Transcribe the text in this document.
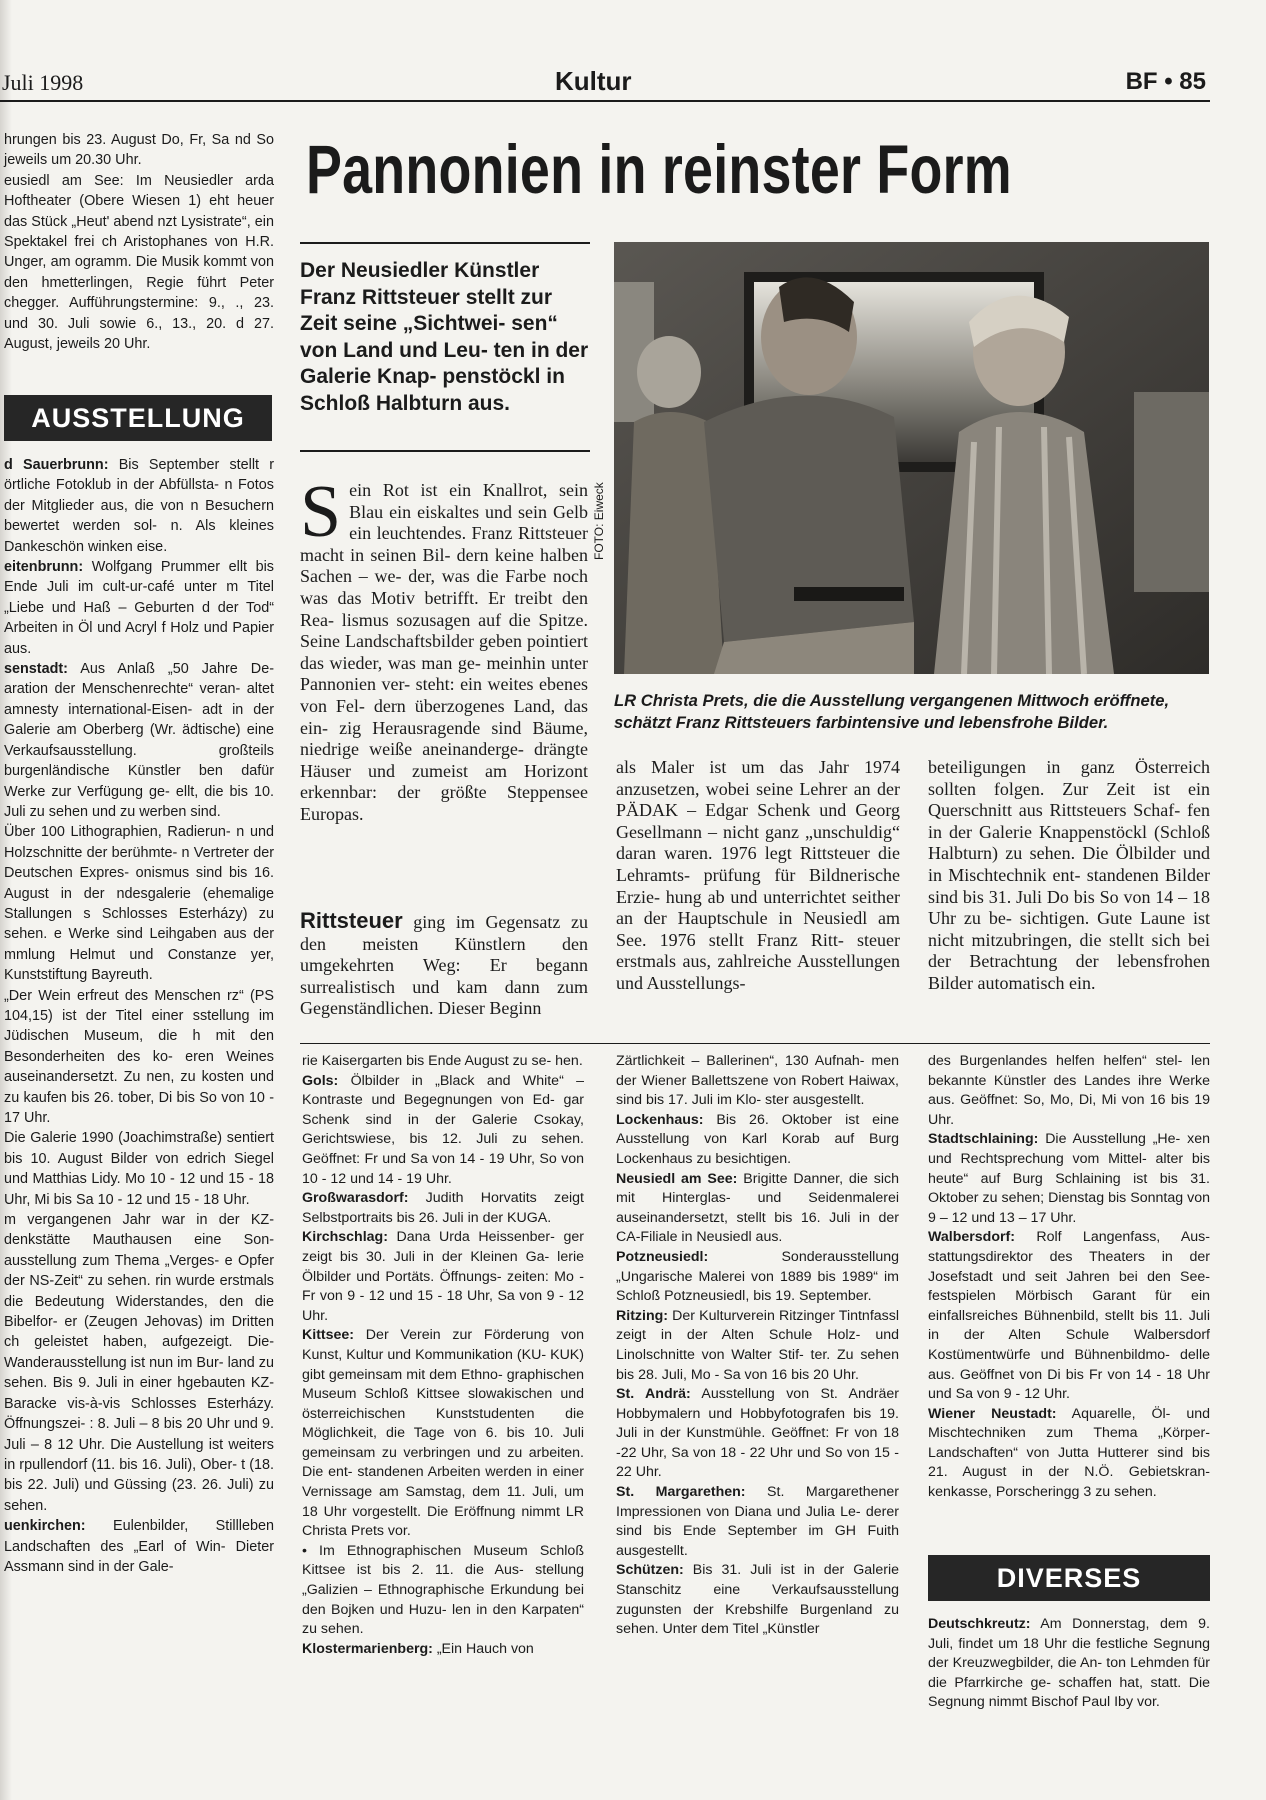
Juli 1998	Kultur	BF • 85

hrungen bis 23. August Do, Fr, Sa nd So jeweils um 20.30 Uhr.

eusiedl am See: Im Neusiedler arda Hoftheater (Obere Wiesen 1) eht heuer das Stück „Heut' abend nzt Lysistrate“, ein Spektakel frei ch Aristophanes von H.R. Unger, am ogramm. Die Musik kommt von den hmetterlingen, Regie führt Peter chegger. Aufführungstermine: 9., ., 23. und 30. Juli sowie 6., 13., 20. d 27. August, jeweils 20 Uhr.

AUSSTELLUNG

d Sauerbrunn: Bis September stellt r örtliche Fotoklub in der Abfüllsta- n Fotos der Mitglieder aus, die von n Besuchern bewertet werden sol- n. Als kleines Dankeschön winken eise.

eitenbrunn: Wolfgang Prummer ellt bis Ende Juli im cult-ur-café unter m Titel „Liebe und Haß – Geburten d der Tod“ Arbeiten in Öl und Acryl f Holz und Papier aus.

senstadt: Aus Anlaß „50 Jahre De- aration der Menschenrechte“ veran- altet amnesty international-Eisen- adt in der Galerie am Oberberg (Wr. ädtische) eine Verkaufsausstellung. großteils burgenländische Künstler ben dafür Werke zur Verfügung ge- ellt, die bis 10. Juli zu sehen und zu werben sind.

Über 100 Lithographien, Radierun- n und Holzschnitte der berühmte- n Vertreter der Deutschen Expres- onismus sind bis 16. August in der ndesgalerie (ehemalige Stallungen s Schlosses Esterházy) zu sehen. e Werke sind Leihgaben aus der mmlung Helmut und Constanze yer, Kunststiftung Bayreuth.

„Der Wein erfreut des Menschen rz“ (PS 104,15) ist der Titel einer sstellung im Jüdischen Museum, die h mit den Besonderheiten des ko- eren Weines auseinandersetzt. Zu nen, zu kosten und zu kaufen bis 26. tober, Di bis So von 10 - 17 Uhr.

Die Galerie 1990 (Joachimstraße) sentiert bis 10. August Bilder von edrich Siegel und Matthias Lidy. Mo 10 - 12 und 15 - 18 Uhr, Mi bis Sa 10 - 12 und 15 - 18 Uhr.

m vergangenen Jahr war in der KZ- denkstätte Mauthausen eine Son- ausstellung zum Thema „Verges- e Opfer der NS-Zeit“ zu sehen. rin wurde erstmals die Bedeutung Widerstandes, den die Bibelfor- er (Zeugen Jehovas) im Dritten ch geleistet haben, aufgezeigt. Die- Wanderausstellung ist nun im Bur- land zu sehen. Bis 9. Juli in einer hgebauten KZ-Baracke vis-à-vis Schlosses Esterházy. Öffnungszei- : 8. Juli – 8 bis 20 Uhr und 9. Juli – 8 12 Uhr. Die Austellung ist weiters in rpullendorf (11. bis 16. Juli), Ober- t (18. bis 22. Juli) und Güssing (23. 26. Juli) zu sehen.

uenkirchen: Eulenbilder, Stillleben Landschaften des „Earl of Win- Dieter Assmann sind in der Gale-

Pannonien in reinster Form
Der Neusiedler Künstler Franz Rittsteuer stellt zur Zeit seine „Sichtwei- sen“ von Land und Leu- ten in der Galerie Knap- penstöckl in Schloß Halbturn aus.
Sein Rot ist ein Knallrot, sein Blau ein eiskaltes und sein Gelb ein leuchtendes. Franz Rittsteuer macht in seinen Bil- dern keine halben Sachen – we- der, was die Farbe noch was das Motiv betrifft. Er treibt den Rea- lismus sozusagen auf die Spitze. Seine Landschaftsbilder geben pointiert das wieder, was man ge- meinhin unter Pannonien ver- steht: ein weites ebenes von Fel- dern überzogenes Land, das ein- zig Herausragende sind Bäume, niedrige weiße aneinanderge- drängte Häuser und zumeist am Horizont erkennbar: der größte Steppensee Europas.
Rittsteuer ging im Gegensatz zu den meisten Künstlern den umgekehrten Weg: Er begann surrealistisch und kam dann zum Gegenständlichen. Dieser Beginn
FOTO: Eiweck
LR Christa Prets, die die Ausstellung vergangenen Mittwoch eröffnete, schätzt Franz Rittsteuers farbintensive und lebensfrohe Bilder.
als Maler ist um das Jahr 1974 anzusetzen, wobei seine Lehrer an der PÄDAK – Edgar Schenk und Georg Gesellmann – nicht ganz „unschuldig“ daran waren. 1976 legt Rittsteuer die Lehramts- prüfung für Bildnerische Erzie- hung ab und unterrichtet seither an der Hauptschule in Neusiedl am See. 1976 stellt Franz Ritt- steuer erstmals aus, zahlreiche Ausstellungen und Ausstellungs-
beteiligungen in ganz Österreich sollten folgen. Zur Zeit ist ein Querschnitt aus Rittsteuers Schaf- fen in der Galerie Knappenstöckl (Schloß Halbturn) zu sehen. Die Ölbilder und in Mischtechnik ent- standenen Bilder sind bis 31. Juli Do bis So von 14 – 18 Uhr zu be- sichtigen. Gute Laune ist nicht mitzubringen, die stellt sich bei der Betrachtung der lebensfrohen Bilder automatisch ein.

rie Kaisergarten bis Ende August zu se- hen.

Gols: Ölbilder in „Black and White“ – Kontraste und Begegnungen von Ed- gar Schenk sind in der Galerie Csokay, Gerichtswiese, bis 12. Juli zu sehen. Geöffnet: Fr und Sa von 14 - 19 Uhr, So von 10 - 12 und 14 - 19 Uhr.

Großwarasdorf: Judith Horvatits zeigt Selbstportraits bis 26. Juli in der KUGA.

Kirchschlag: Dana Urda Heissenber- ger zeigt bis 30. Juli in der Kleinen Ga- lerie Ölbilder und Portäts. Öffnungs- zeiten: Mo - Fr von 9 - 12 und 15 - 18 Uhr, Sa von 9 - 12 Uhr.

Kittsee: Der Verein zur Förderung von Kunst, Kultur und Kommunikation (KU- KUK) gibt gemeinsam mit dem Ethno- graphischen Museum Schloß Kittsee slowakischen und österreichischen Kunststudenten die Möglichkeit, die Tage von 6. bis 10. Juli gemeinsam zu verbringen und zu arbeiten. Die ent- standenen Arbeiten werden in einer Vernissage am Samstag, dem 11. Juli, um 18 Uhr vorgestellt. Die Eröffnung nimmt LR Christa Prets vor.

• Im Ethnographischen Museum Schloß Kittsee ist bis 2. 11. die Aus- stellung „Galizien – Ethnographische Erkundung bei den Bojken und Huzu- len in den Karpaten“ zu sehen.

Klostermarienberg: „Ein Hauch von

Zärtlichkeit – Ballerinen“, 130 Aufnah- men der Wiener Ballettszene von Robert Haiwax, sind bis 17. Juli im Klo- ster ausgestellt.

Lockenhaus: Bis 26. Oktober ist eine Ausstellung von Karl Korab auf Burg Lockenhaus zu besichtigen.

Neusiedl am See: Brigitte Danner, die sich mit Hinterglas- und Seidenmalerei auseinandersetzt, stellt bis 16. Juli in der CA-Filiale in Neusiedl aus.

Potzneusiedl: Sonderausstellung „Ungarische Malerei von 1889 bis 1989“ im Schloß Potzneusiedl, bis 19. September.

Ritzing: Der Kulturverein Ritzinger Tintnfassl zeigt in der Alten Schule Holz- und Linolschnitte von Walter Stif- ter. Zu sehen bis 28. Juli, Mo - Sa von 16 bis 20 Uhr.

St. Andrä: Ausstellung von St. Andräer Hobbymalern und Hobbyfotografen bis 19. Juli in der Kunstmühle. Geöffnet: Fr von 18 -22 Uhr, Sa von 18 - 22 Uhr und So von 15 - 22 Uhr.

St. Margarethen: St. Margarethener Impressionen von Diana und Julia Le- derer sind bis Ende September im GH Fuith ausgestellt.

Schützen: Bis 31. Juli ist in der Galerie Stanschitz eine Verkaufsausstellung zugunsten der Krebshilfe Burgenland zu sehen. Unter dem Titel „Künstler

des Burgenlandes helfen helfen“ stel- len bekannte Künstler des Landes ihre Werke aus. Geöffnet: So, Mo, Di, Mi von 16 bis 19 Uhr.

Stadtschlaining: Die Ausstellung „He- xen und Rechtsprechung vom Mittel- alter bis heute“ auf Burg Schlaining ist bis 31. Oktober zu sehen; Dienstag bis Sonntag von 9 – 12 und 13 – 17 Uhr.

Walbersdorf: Rolf Langenfass, Aus- stattungsdirektor des Theaters in der Josefstadt und seit Jahren bei den See- festspielen Mörbisch Garant für ein einfallsreiches Bühnenbild, stellt bis 11. Juli in der Alten Schule Walbersdorf Kostümentwürfe und Bühnenbildmo- delle aus. Geöffnet von Di bis Fr von 14 - 18 Uhr und Sa von 9 - 12 Uhr.

Wiener Neustadt: Aquarelle, Öl- und Mischtechniken zum Thema „Körper- Landschaften“ von Jutta Hutterer sind bis 21. August in der N.Ö. Gebietskran- kenkasse, Porscheringg 3 zu sehen.

DIVERSES

Deutschkreutz: Am Donnerstag, dem 9. Juli, findet um 18 Uhr die festliche Segnung der Kreuzwegbilder, die An- ton Lehmden für die Pfarrkirche ge- schaffen hat, statt. Die Segnung nimmt Bischof Paul Iby vor.
